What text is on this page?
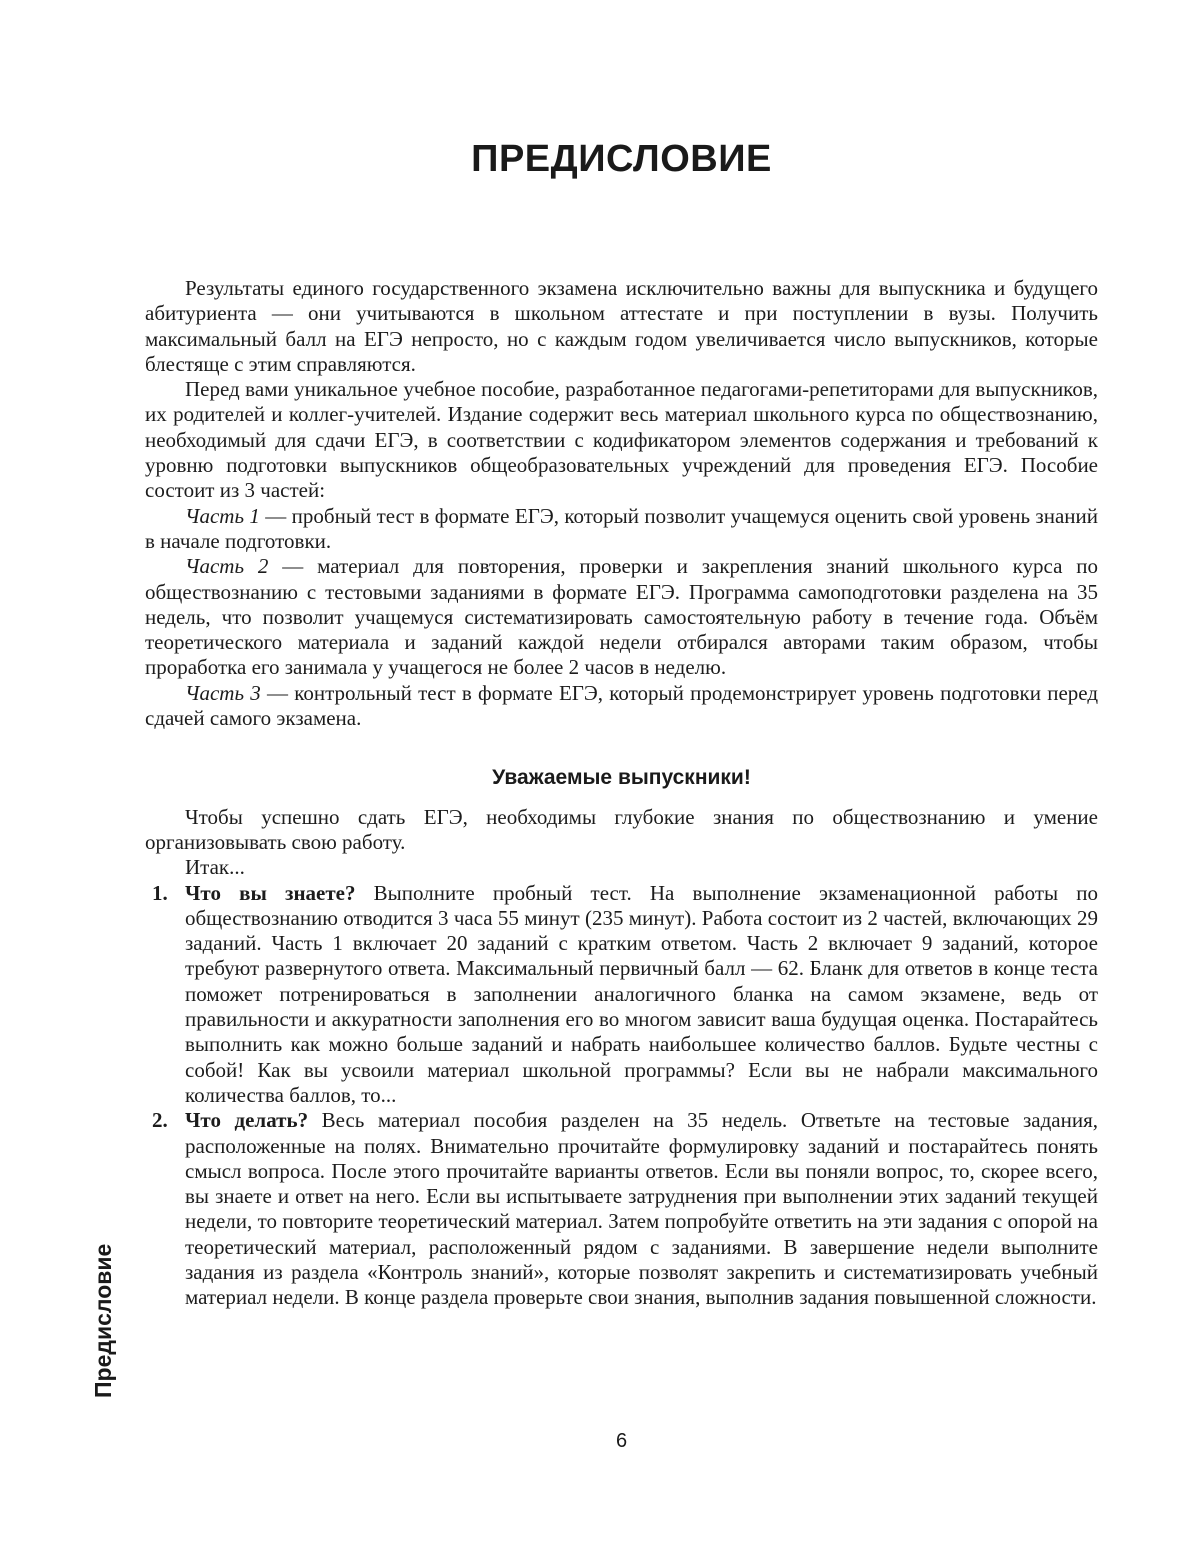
ПРЕДИСЛОВИЕ

Результаты единого государственного экзамена исключительно важны для выпускника и будущего абитуриента — они учитываются в школьном аттестате и при поступлении в вузы. Получить максимальный балл на ЕГЭ непросто, но с каждым годом увеличивается число выпускников, которые блестяще с этим справляются.

Перед вами уникальное учебное пособие, разработанное педагогами-репетиторами для выпускников, их родителей и коллег-учителей. Издание содержит весь материал школьного курса по обществознанию, необходимый для сдачи ЕГЭ, в соответствии с кодификатором элементов содержания и требований к уровню подготовки выпускников общеобразовательных учреждений для проведения ЕГЭ. Пособие состоит из 3 частей:

Часть 1 — пробный тест в формате ЕГЭ, который позволит учащемуся оценить свой уровень знаний в начале подготовки.

Часть 2 — материал для повторения, проверки и закрепления знаний школьного курса по обществознанию с тестовыми заданиями в формате ЕГЭ. Программа самоподготовки разделена на 35 недель, что позволит учащемуся систематизировать самостоятельную работу в течение года. Объём теоретического материала и заданий каждой недели отбирался авторами таким образом, чтобы проработка его занимала у учащегося не более 2 часов в неделю.

Часть 3 — контрольный тест в формате ЕГЭ, который продемонстрирует уровень подготовки перед сдачей самого экзамена.

Уважаемые выпускники!

Чтобы успешно сдать ЕГЭ, необходимы глубокие знания по обществознанию и умение организовывать свою работу.

Итак...

1. Что вы знаете? Выполните пробный тест. На выполнение экзаменационной работы по обществознанию отводится 3 часа 55 минут (235 минут). Работа состоит из 2 частей, включающих 29 заданий. Часть 1 включает 20 заданий с кратким ответом. Часть 2 включает 9 заданий, которое требуют развернутого ответа. Максимальный первичный балл — 62. Бланк для ответов в конце теста поможет потренироваться в заполнении аналогичного бланка на самом экзамене, ведь от правильности и аккуратности заполнения его во многом зависит ваша будущая оценка. Постарайтесь выполнить как можно больше заданий и набрать наибольшее количество баллов. Будьте честны с собой! Как вы усвоили материал школьной программы? Если вы не набрали максимального количества баллов, то...
2. Что делать? Весь материал пособия разделен на 35 недель. Ответьте на тестовые задания, расположенные на полях. Внимательно прочитайте формулировку заданий и постарайтесь понять смысл вопроса. После этого прочитайте варианты ответов. Если вы поняли вопрос, то, скорее всего, вы знаете и ответ на него. Если вы испытываете затруднения при выполнении этих заданий текущей недели, то повторите теоретический материал. Затем попробуйте ответить на эти задания с опорой на теоретический материал, расположенный рядом с заданиями. В завершение недели выполните задания из раздела «Контроль знаний», которые позволят закрепить и систематизировать учебный материал недели. В конце раздела проверьте свои знания, выполнив задания повышенной сложности.
Предисловие
6
